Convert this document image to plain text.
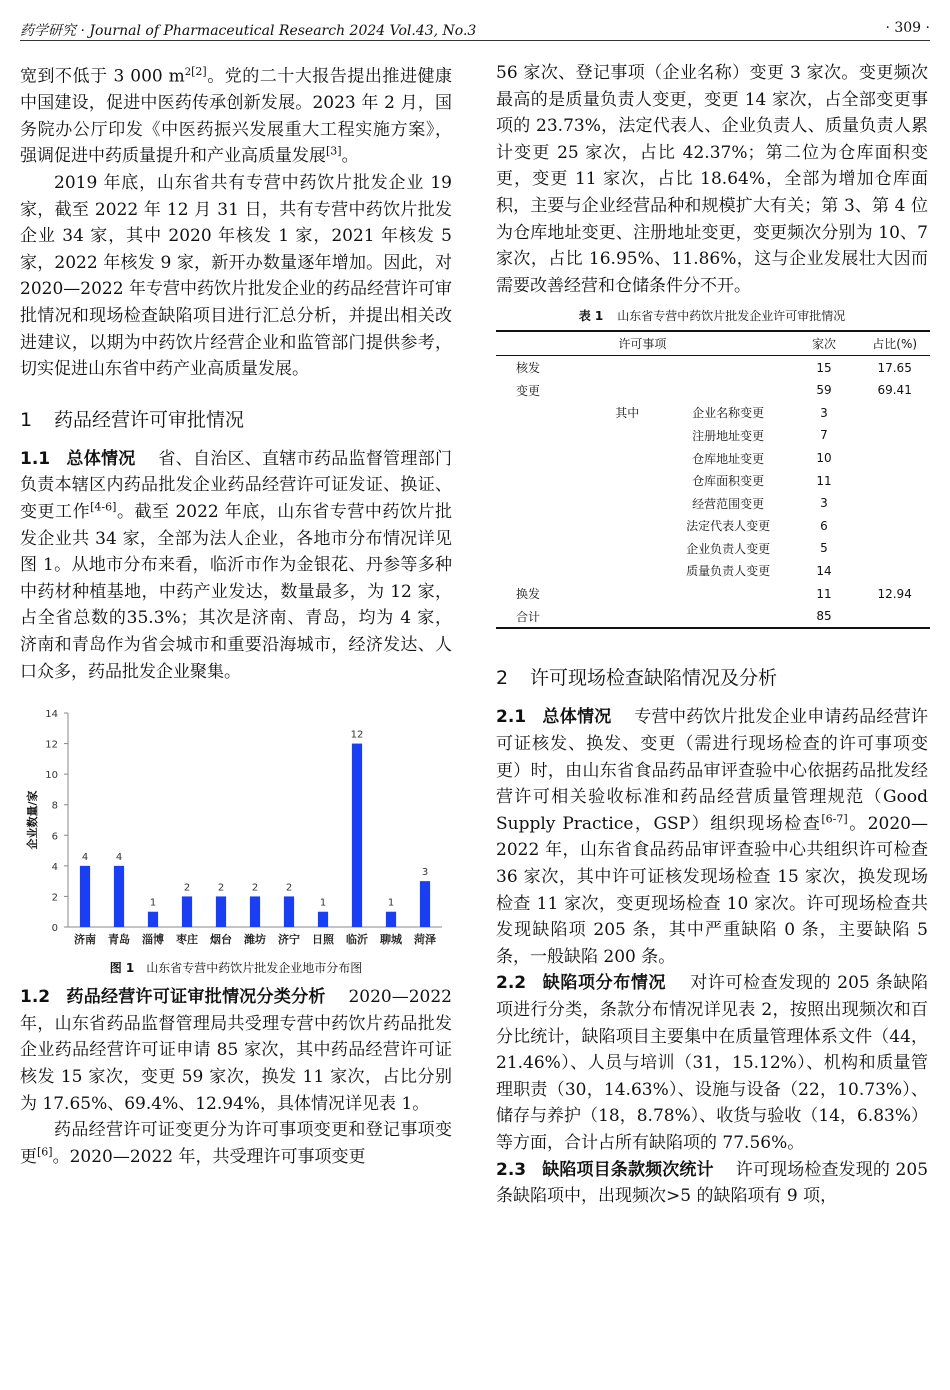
药学研究 · Journal of Pharmaceutical Research 2024 Vol.43, No.3	· 309 ·

宽到不低于 3 000 m$^{2[2]}$。党的二十大报告提出推进健康中国建设，促进中医药传承创新发展。2023 年 2 月，国务院办公厅印发《中医药振兴发展重大工程实施方案》，强调促进中药质量提升和产业高质量发展[3]。

2019 年底，山东省共有专营中药饮片批发企业 19 家，截至 2022 年 12 月 31 日，共有专营中药饮片批发企业 34 家，其中 2020 年核发 1 家，2021 年核发 5 家，2022 年核发 9 家，新开办数量逐年增加。因此，对 2020—2022 年专营中药饮片批发企业的药品经营许可审批情况和现场检查缺陷项目进行汇总分析，并提出相关改进建议，以期为中药饮片经营企业和监管部门提供参考，切实促进山东省中药产业高质量发展。

1 药品经营许可审批情况

1.1 总体情况 省、自治区、直辖市药品监督管理部门负责本辖区内药品批发企业药品经营许可证发证、换证、变更工作[4-6]。截至 2022 年底，山东省专营中药饮片批发企业共 34 家，全部为法人企业，各地市分布情况详见图 1。从地市分布来看，临沂市作为金银花、丹参等多种中药材种植基地，中药产业发达，数量最多，为 12 家，占全省总数的35.3%；其次是济南、青岛，均为 4 家，济南和青岛作为省会城市和重要沿海城市，经济发达、人口众多，药品批发企业聚集。

0
2
4
6
8
10
12
14
企业数量/家
4
济南
4
青岛
1
淄博
2
枣庄
2
烟台
2
潍坊
2
济宁
1
日照
12
临沂
1
聊城
3
菏泽
图 1 山东省专营中药饮片批发企业地市分布图

1.2 药品经营许可证审批情况分类分析 2020—2022 年，山东省药品监督管理局共受理专营中药饮片药品批发企业药品经营许可证申请 85 家次，其中药品经营许可证核发 15 家次，变更 59 家次，换发 11 家次，占比分别为 17.65%、69.4%、12.94%，具体情况详见表 1。

药品经营许可证变更分为许可事项变更和登记事项变更[6]。2020—2022 年，共受理许可事项变更

56 家次、登记事项（企业名称）变更 3 家次。变更频次最高的是质量负责人变更，变更 14 家次，占全部变更事项的 23.73%，法定代表人、企业负责人、质量负责人累计变更 25 家次，占比 42.37%；第二位为仓库面积变更，变更 11 家次，占比 18.64%，全部为增加仓库面积，主要与企业经营品种和规模扩大有关；第 3、第 4 位为仓库地址变更、注册地址变更，变更频次分别为 10、7 家次，占比 16.95%、11.86%，这与企业发展壮大因而需要改善经营和仓储条件分不开。

表 1 山东省专营中药饮片批发企业许可审批情况
许可事项			家次	占比(%)
核发			15	17.65
变更			59	69.41
	其中	企业名称变更	3	
		注册地址变更	7	
		仓库地址变更	10	
		仓库面积变更	11	
		经营范围变更	3	
		法定代表人变更	6	
		企业负责人变更	5	
		质量负责人变更	14	
换发			11	12.94
合计			85	
2 许可现场检查缺陷情况及分析

2.1 总体情况 专营中药饮片批发企业申请药品经营许可证核发、换发、变更（需进行现场检查的许可事项变更）时，由山东省食品药品审评查验中心依据药品批发经营许可相关验收标准和药品经营质量管理规范（Good Supply Practice，GSP）组织现场检查[6-7]。2020—2022 年，山东省食品药品审评查验中心共组织许可检查 36 家次，其中许可证核发现场检查 15 家次，换发现场检查 11 家次，变更现场检查 10 家次。许可现场检查共发现缺陷项 205 条，其中严重缺陷 0 条，主要缺陷 5 条，一般缺陷 200 条。

2.2 缺陷项分布情况 对许可检查发现的 205 条缺陷项进行分类，条款分布情况详见表 2，按照出现频次和百分比统计，缺陷项目主要集中在质量管理体系文件（44，21.46%）、人员与培训（31，15.12%）、机构和质量管理职责（30，14.63%）、设施与设备（22，10.73%）、储存与养护（18，8.78%）、收货与验收（14，6.83%）等方面，合计占所有缺陷项的 77.56%。

2.3 缺陷项目条款频次统计 许可现场检查发现的 205 条缺陷项中，出现频次>5 的缺陷项有 9 项，
